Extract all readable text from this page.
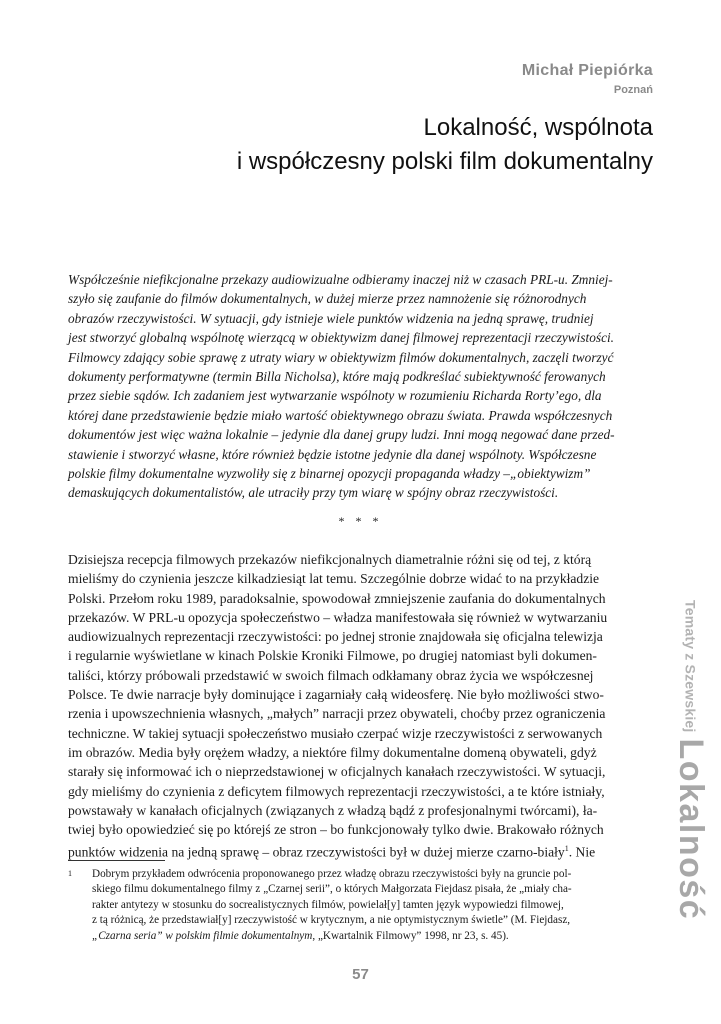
Michał Piepiórka
Poznań
Lokalność, wspólnota
i współczesny polski film dokumentalny
Współcześnie niefikcjonalne przekazy audiowizualne odbieramy inaczej niż w czasach PRL-u. Zmniej-
szyło się zaufanie do filmów dokumentalnych, w dużej mierze przez namnożenie się różnorodnych
obrazów rzeczywistości. W sytuacji, gdy istnieje wiele punktów widzenia na jedną sprawę, trudniej
jest stworzyć globalną wspólnotę wierzącą w obiektywizm danej filmowej reprezentacji rzeczywistości.
Filmowcy zdający sobie sprawę z utraty wiary w obiektywizm filmów dokumentalnych, zaczęli tworzyć
dokumenty performatywne (termin Billa Nicholsa), które mają podkreślać subiektywność ferowanych
przez siebie sądów. Ich zadaniem jest wytwarzanie wspólnoty w rozumieniu Richarda Rorty’ego, dla
której dane przedstawienie będzie miało wartość obiektywnego obrazu świata. Prawda współczesnych
dokumentów jest więc ważna lokalnie – jedynie dla danej grupy ludzi. Inni mogą negować dane przed-
stawienie i stworzyć własne, które również będzie istotne jedynie dla danej wspólnoty. Współczesne
polskie filmy dokumentalne wyzwoliły się z binarnej opozycji propaganda władzy –„obiektywizm”
demaskujących dokumentalistów, ale utraciły przy tym wiarę w spójny obraz rzeczywistości.
* * *
Dzisiejsza recepcja filmowych przekazów niefikcjonalnych diametralnie różni się od tej, z którą
mieliśmy do czynienia jeszcze kilkadziesiąt lat temu. Szczególnie dobrze widać to na przykładzie
Polski. Przełom roku 1989, paradoksalnie, spowodował zmniejszenie zaufania do dokumentalnych
przekazów. W PRL-u opozycja społeczeństwo – władza manifestowała się również w wytwarzaniu
audiowizualnych reprezentacji rzeczywistości: po jednej stronie znajdowała się oficjalna telewizja
i regularnie wyświetlane w kinach Polskie Kroniki Filmowe, po drugiej natomiast byli dokumen-
taliści, którzy próbowali przedstawić w swoich filmach odkłamany obraz życia we współczesnej
Polsce. Te dwie narracje były dominujące i zagarniały całą wideosferę. Nie było możliwości stwo-
rzenia i upowszechnienia własnych, „małych” narracji przez obywateli, choćby przez ograniczenia
techniczne. W takiej sytuacji społeczeństwo musiało czerpać wizje rzeczywistości z serwowanych
im obrazów. Media były orężem władzy, a niektóre filmy dokumentalne domeną obywateli, gdyż
starały się informować ich o nieprzedstawionej w oficjalnych kanałach rzeczywistości. W sytuacji,
gdy mieliśmy do czynienia z deficytem filmowych reprezentacji rzeczywistości, a te które istniały,
powstawały w kanałach oficjalnych (związanych z władzą bądź z profesjonalnymi twórcami), ła-
twiej było opowiedzieć się po którejś ze stron – bo funkcjonowały tylko dwie. Brakowało różnych
punktów widzenia na jedną sprawę – obraz rzeczywistości był w dużej mierze czarno-biały$^1$. Nie
1 Dobrym przykładem odwrócenia proponowanego przez władzę obrazu rzeczywistości były na gruncie pol-
skiego filmu dokumentalnego filmy z „Czarnej serii”, o których Małgorzata Fiejdasz pisała, że „miały cha-
rakter antytezy w stosunku do socrealistycznych filmów, powielał[y] tamten język wypowiedzi filmowej,
z tą różnicą, że przedstawiał[y] rzeczywistość w krytycznym, a nie optymistycznym świetle” (M. Fiejdasz,
„Czarna seria” w polskim filmie dokumentalnym, „Kwartalnik Filmowy” 1998, nr 23, s. 45).
57
Tematy z SzewskiejLokalność
